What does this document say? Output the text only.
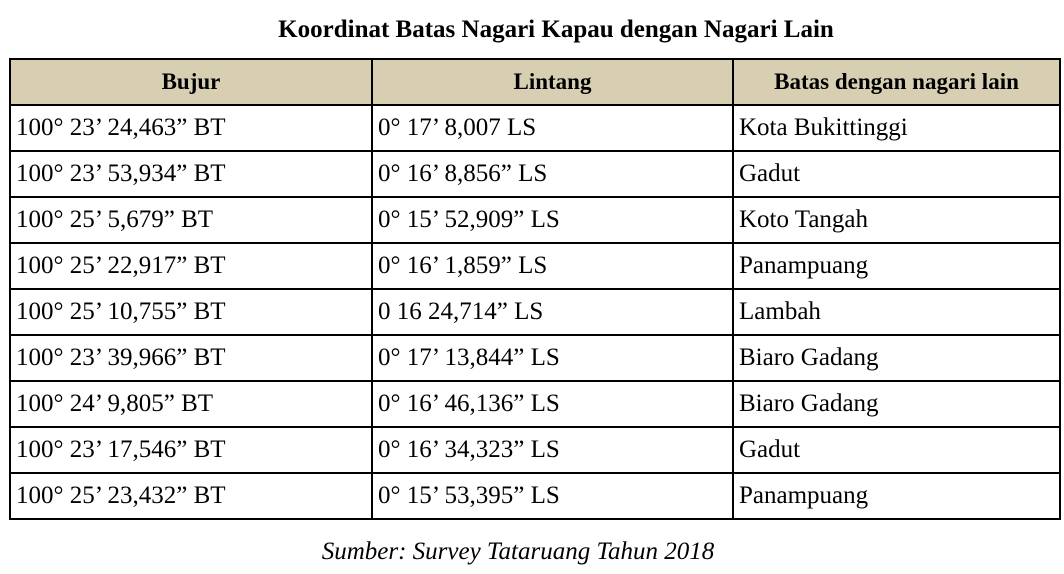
Koordinat Batas Nagari Kapau dengan Nagari Lain
Bujur	Lintang	Batas dengan nagari lain
100° 23’ 24,463” BT	0° 17’ 8,007 LS	Kota Bukittinggi
100° 23’ 53,934” BT	0° 16’ 8,856” LS	Gadut
100° 25’ 5,679” BT	0° 15’ 52,909” LS	Koto Tangah
100° 25’ 22,917” BT	0° 16’ 1,859” LS	Panampuang
100° 25’ 10,755” BT	0 16 24,714” LS	Lambah
100° 23’ 39,966” BT	0° 17’ 13,844” LS	Biaro Gadang
100° 24’ 9,805” BT	0° 16’ 46,136” LS	Biaro Gadang
100° 23’ 17,546” BT	0° 16’ 34,323” LS	Gadut
100° 25’ 23,432” BT	0° 15’ 53,395” LS	Panampuang
Sumber: Survey Tataruang Tahun 2018
